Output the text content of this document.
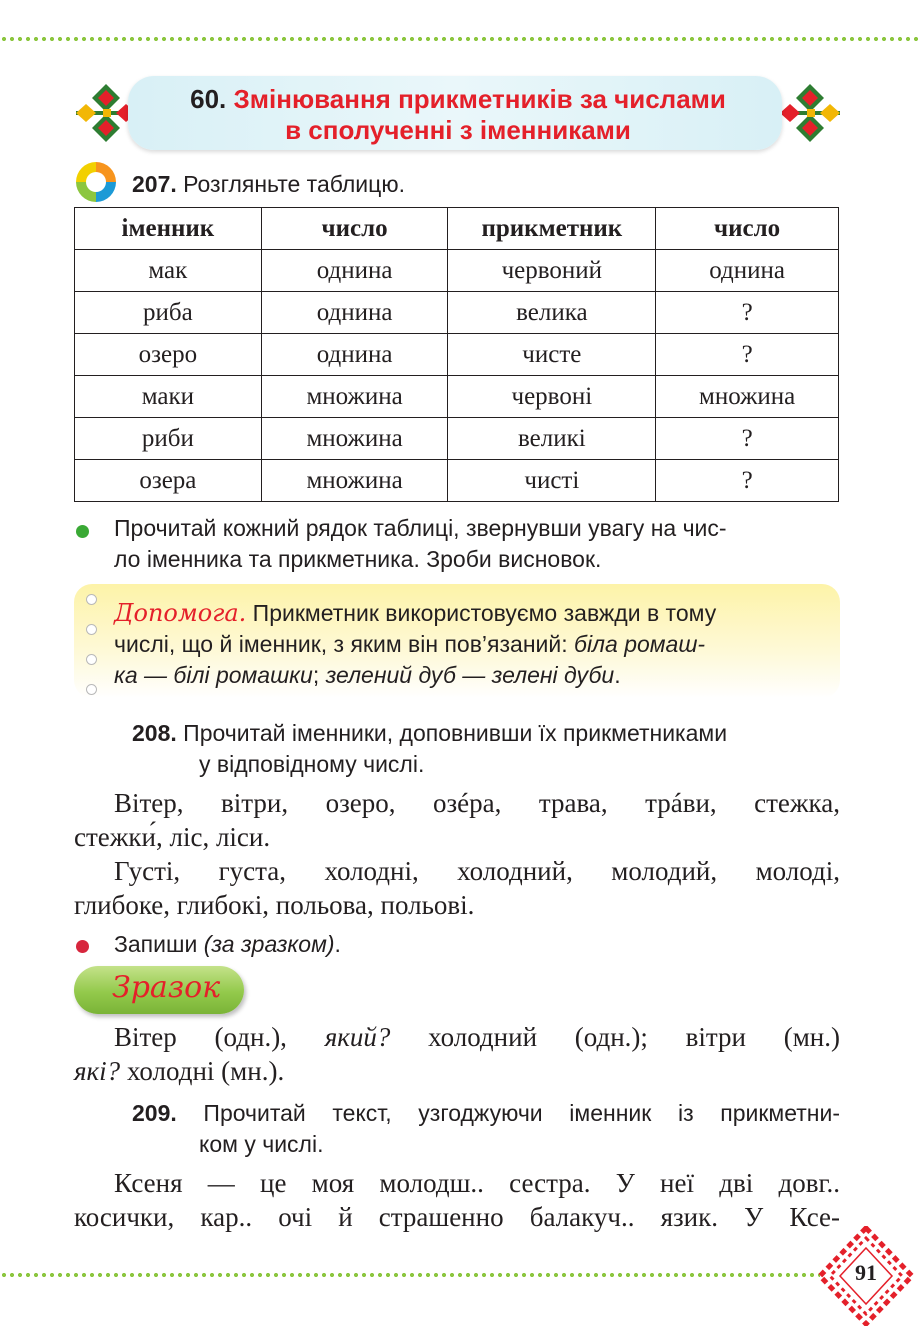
60. Змінювання прикметників за числами
в сполученні з іменниками
207. Розгляньте таблицю.
іменник	число	прикметник	число
мак	однина	червоний	однина
риба	однина	велика	?
озеро	однина	чисте	?
маки	множина	червоні	множина
риби	множина	великі	?
озера	множина	чисті	?
Прочитай кожний рядок таблиці, звернувши увагу на чис-
ло іменника та прикметника. Зроби висновок.
Допомога. Прикметник використовуємо завжди в тому
числі, що й іменник, з яким він пов’язаний: біла ромаш-
ка — білі ромашки; зелений дуб — зелені дуби.
208. Прочитай іменники, доповнивши їх прикметниками
у відповідному числі.
Вітер, вітри, озеро, озéра, трава, трáви, стежка,
стежки́, ліс, ліси.
Густі, густа, холодні, холодний, молодий, молоді,
глибоке, глибокі, польова, польові.
Запиши (за зразком).
Зразок
Вітер (одн.), який? холодний (одн.); вітри (мн.)
які? холодні (мн.).
209. Прочитай текст, узгоджуючи іменник із прикметни-
ком у числі.
Ксеня — це моя молодш.. сестра. У неї дві довг..
косички, кар.. очі й страшенно балакуч.. язик. У Ксе-
91
